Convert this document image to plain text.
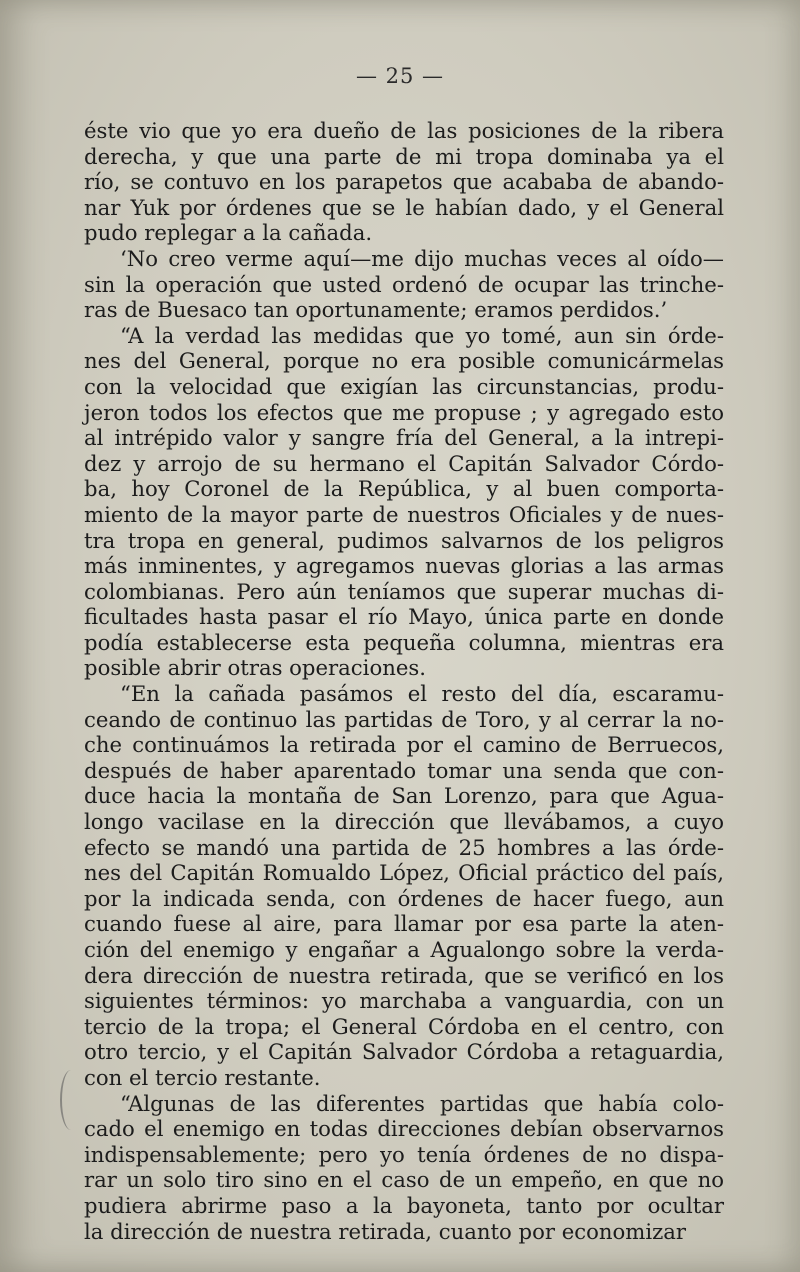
— 25 —

éste vio que yo era dueño de las posiciones de la ribera
derecha, y que una parte de mi tropa dominaba ya el
río, se contuvo en los parapetos que acababa de abando-
nar Yuk por órdenes que se le habían dado, y el General
pudo replegar a la cañada.

‘No creo verme aquí—me dijo muchas veces al oído—
sin la operación que usted ordenó de ocupar las trinche-
ras de Buesaco tan oportunamente; eramos perdidos.’

“A la verdad las medidas que yo tomé, aun sin órde-
nes del General, porque no era posible comunicármelas
con la velocidad que exigían las circunstancias, produ-
jeron todos los efectos que me propuse ; y agregado esto
al intrépido valor y sangre fría del General, a la intrepi-
dez y arrojo de su hermano el Capitán Salvador Córdo-
ba, hoy Coronel de la República, y al buen comporta-
miento de la mayor parte de nuestros Oficiales y de nues-
tra tropa en general, pudimos salvarnos de los peligros
más inminentes, y agregamos nuevas glorias a las armas
colombianas. Pero aún teníamos que superar muchas di-
ficultades hasta pasar el río Mayo, única parte en donde
podía establecerse esta pequeña columna, mientras era
posible abrir otras operaciones.

“En la cañada pasámos el resto del día, escaramu-
ceando de continuo las partidas de Toro, y al cerrar la no-
che continuámos la retirada por el camino de Berruecos,
después de haber aparentado tomar una senda que con-
duce hacia la montaña de San Lorenzo, para que Agua-
longo vacilase en la dirección que llevábamos, a cuyo
efecto se mandó una partida de 25 hombres a las órde-
nes del Capitán Romualdo López, Oficial práctico del país,
por la indicada senda, con órdenes de hacer fuego, aun
cuando fuese al aire, para llamar por esa parte la aten-
ción del enemigo y engañar a Agualongo sobre la verda-
dera dirección de nuestra retirada, que se verificó en los
siguientes términos: yo marchaba a vanguardia, con un
tercio de la tropa; el General Córdoba en el centro, con
otro tercio, y el Capitán Salvador Córdoba a retaguardia,
con el tercio restante.

“Algunas de las diferentes partidas que había colo-
cado el enemigo en todas direcciones debían observarnos
indispensablemente; pero yo tenía órdenes de no dispa-
rar un solo tiro sino en el caso de un empeño, en que no
pudiera abrirme paso a la bayoneta, tanto por ocultar
la dirección de nuestra retirada, cuanto por economizar
